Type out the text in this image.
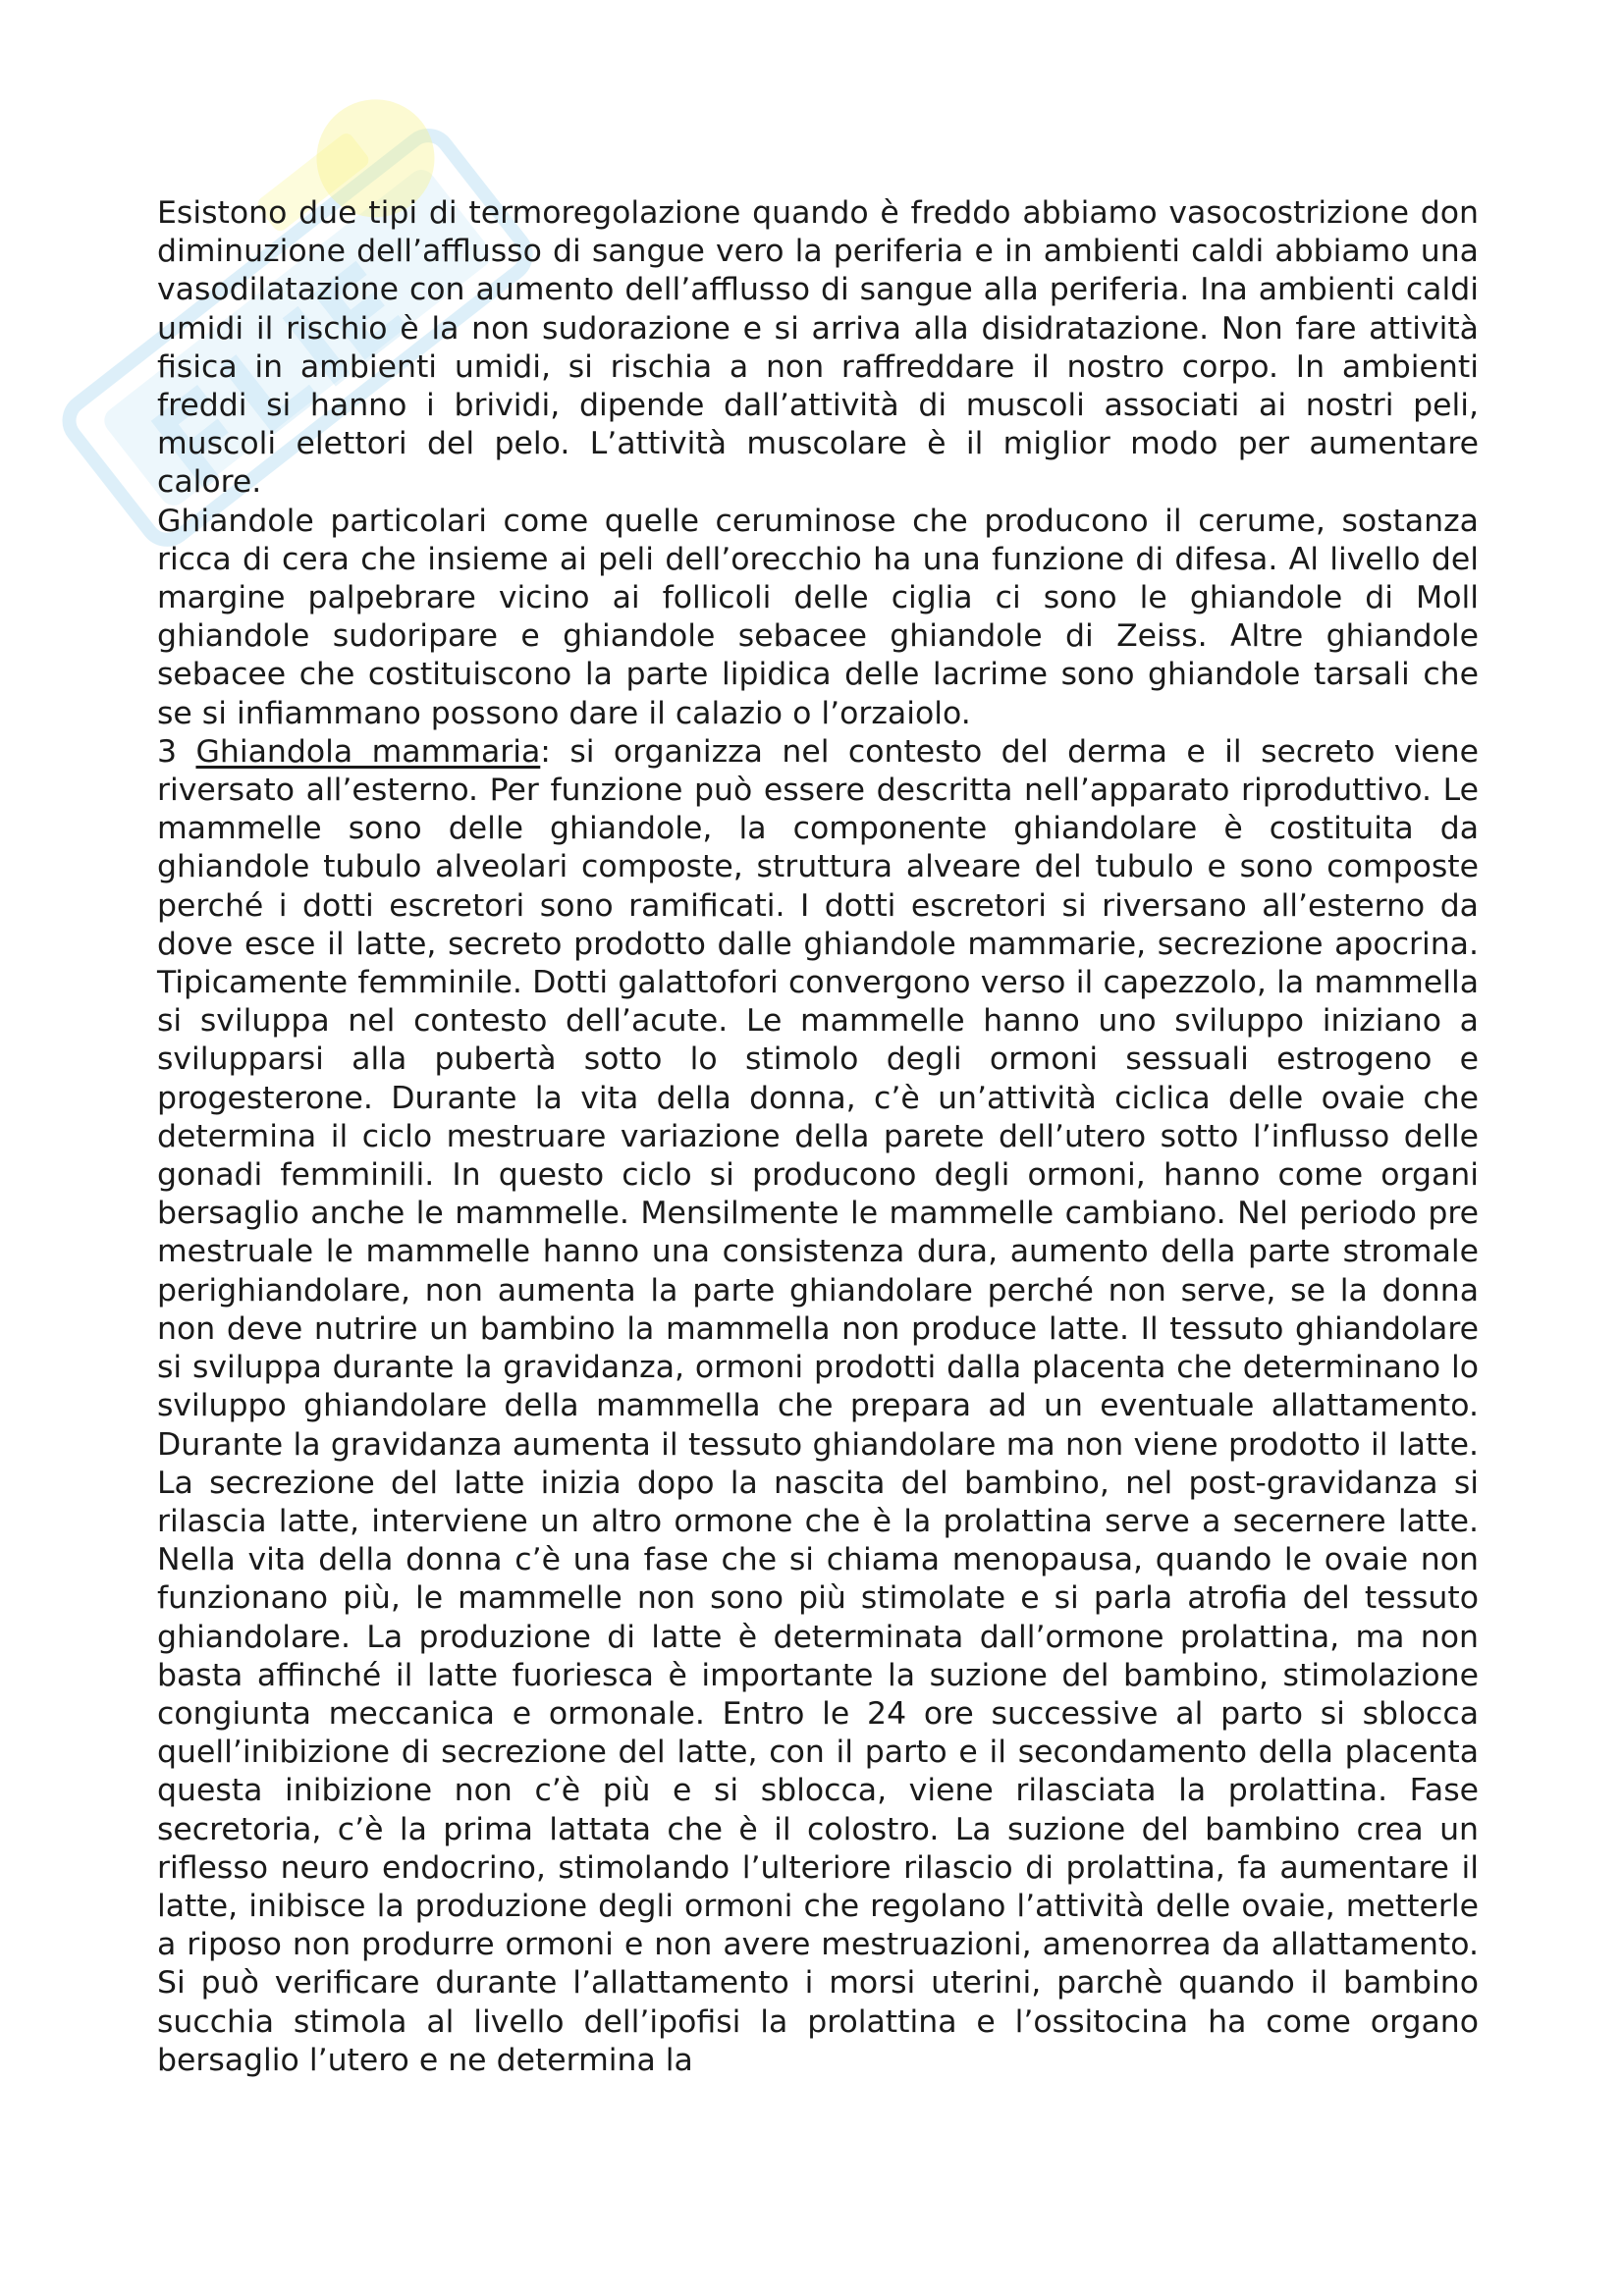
Esistono due tipi di termoregolazione quando è freddo abbiamo vasocostrizione don diminuzione dell’afflusso di sangue vero la periferia e in ambienti caldi abbiamo una vasodilatazione con aumento dell’afflusso di sangue alla periferia. Ina ambienti caldi umidi il rischio è la non sudorazione e si arriva alla disidratazione. Non fare attività fisica in ambienti umidi, si rischia a non raffreddare il nostro corpo. In ambienti freddi si hanno i brividi, dipende dall’attività di muscoli associati ai nostri peli, muscoli elettori del pelo. L’attività muscolare è il miglior modo per aumentare calore.

Ghiandole particolari come quelle ceruminose che producono il cerume, sostanza ricca di cera che insieme ai peli dell’orecchio ha una funzione di difesa. Al livello del margine palpebrare vicino ai follicoli delle ciglia ci sono le ghiandole di Moll ghiandole sudoripare e ghiandole sebacee ghiandole di Zeiss. Altre ghiandole sebacee che costituiscono la parte lipidica delle lacrime sono ghiandole tarsali che se si infiammano possono dare il calazio o l’orzaiolo.

3 Ghiandola mammaria: si organizza nel contesto del derma e il secreto viene riversato all’esterno. Per funzione può essere descritta nell’apparato riproduttivo. Le mammelle sono delle ghiandole, la componente ghiandolare è costituita da ghiandole tubulo alveolari composte, struttura alveare del tubulo e sono composte perché i dotti escretori sono ramificati. I dotti escretori si riversano all’esterno da dove esce il latte, secreto prodotto dalle ghiandole mammarie, secrezione apocrina. Tipicamente femminile. Dotti galattofori convergono verso il capezzolo, la mammella si sviluppa nel contesto dell’acute. Le mammelle hanno uno sviluppo iniziano a svilupparsi alla pubertà sotto lo stimolo degli ormoni sessuali estrogeno e progesterone. Durante la vita della donna, c’è un’attività ciclica delle ovaie che determina il ciclo mestruare variazione della parete dell’utero sotto l’influsso delle gonadi femminili. In questo ciclo si producono degli ormoni, hanno come organi bersaglio anche le mammelle. Mensilmente le mammelle cambiano. Nel periodo pre mestruale le mammelle hanno una consistenza dura, aumento della parte stromale perighiandolare, non aumenta la parte ghiandolare perché non serve, se la donna non deve nutrire un bambino la mammella non produce latte. Il tessuto ghiandolare si sviluppa durante la gravidanza, ormoni prodotti dalla placenta che determinano lo sviluppo ghiandolare della mammella che prepara ad un eventuale allattamento. Durante la gravidanza aumenta il tessuto ghiandolare ma non viene prodotto il latte. La secrezione del latte inizia dopo la nascita del bambino, nel post-gravidanza si rilascia latte, interviene un altro ormone che è la prolattina serve a secernere latte. Nella vita della donna c’è una fase che si chiama menopausa, quando le ovaie non funzionano più, le mammelle non sono più stimolate e si parla atrofia del tessuto ghiandolare. La produzione di latte è determinata dall’ormone prolattina, ma non basta affinché il latte fuoriesca è importante la suzione del bambino, stimolazione congiunta meccanica e ormonale. Entro le 24 ore successive al parto si sblocca quell’inibizione di secrezione del latte, con il parto e il secondamento della placenta questa inibizione non c’è più e si sblocca, viene rilasciata la prolattina. Fase secretoria, c’è la prima lattata che è il colostro. La suzione del bambino crea un riflesso neuro endocrino, stimolando l’ulteriore rilascio di prolattina, fa aumentare il latte, inibisce la produzione degli ormoni che regolano l’attività delle ovaie, metterle a riposo non produrre ormoni e non avere mestruazioni, amenorrea da allattamento. Si può verificare durante l’allattamento i morsi uterini, parchè quando il bambino succhia stimola al livello dell’ipofisi la prolattina e l’ossitocina ha come organo bersaglio l’utero e ne determina la
